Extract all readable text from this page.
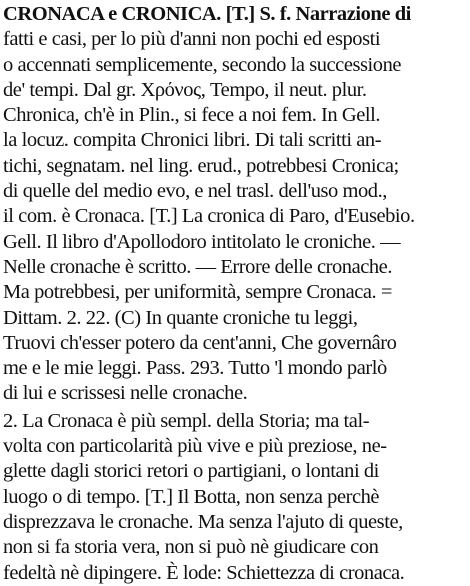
CRONACA e CRONICA. [T.] S. f. Narrazione di
fatti e casi, per lo più d'anni non pochi ed esposti
o accennati semplicemente, secondo la successione
de' tempi. Dal gr. Χρόνος, Tempo, il neut. plur.
Chronica, ch'è in Plin., si fece a noi fem. In Gell.
la locuz. compita Chronici libri. Di tali scritti an-
tichi, segnatam. nel ling. erud., potrebbesi Cronica;
di quelle del medio evo, e nel trasl. dell'uso mod.,
il com. è Cronaca. [T.] La cronica di Paro, d'Eusebio.
Gell. Il libro d'Apollodoro intitolato le croniche. —
Nelle cronache è scritto. — Errore delle cronache.
Ma potrebbesi, per uniformità, sempre Cronaca. =
Dittam. 2. 22. (C) In quante croniche tu leggi,
Truovi ch'esser potero da cent'anni, Che governâro
me e le mie leggi. Pass. 293. Tutto 'l mondo parlò
di lui e scrissesi nelle cronache.
2. La Cronaca è più sempl. della Storia; ma tal-
volta con particolarità più vive e più preziose, ne-
glette dagli storici retori o partigiani, o lontani di
luogo o di tempo. [T.] Il Botta, non senza perchè
disprezzava le cronache. Ma senza l'ajuto di queste,
non si fa storia vera, non si può nè giudicare con
fedeltà nè dipingere. È lode: Schiettezza di cronaca.
